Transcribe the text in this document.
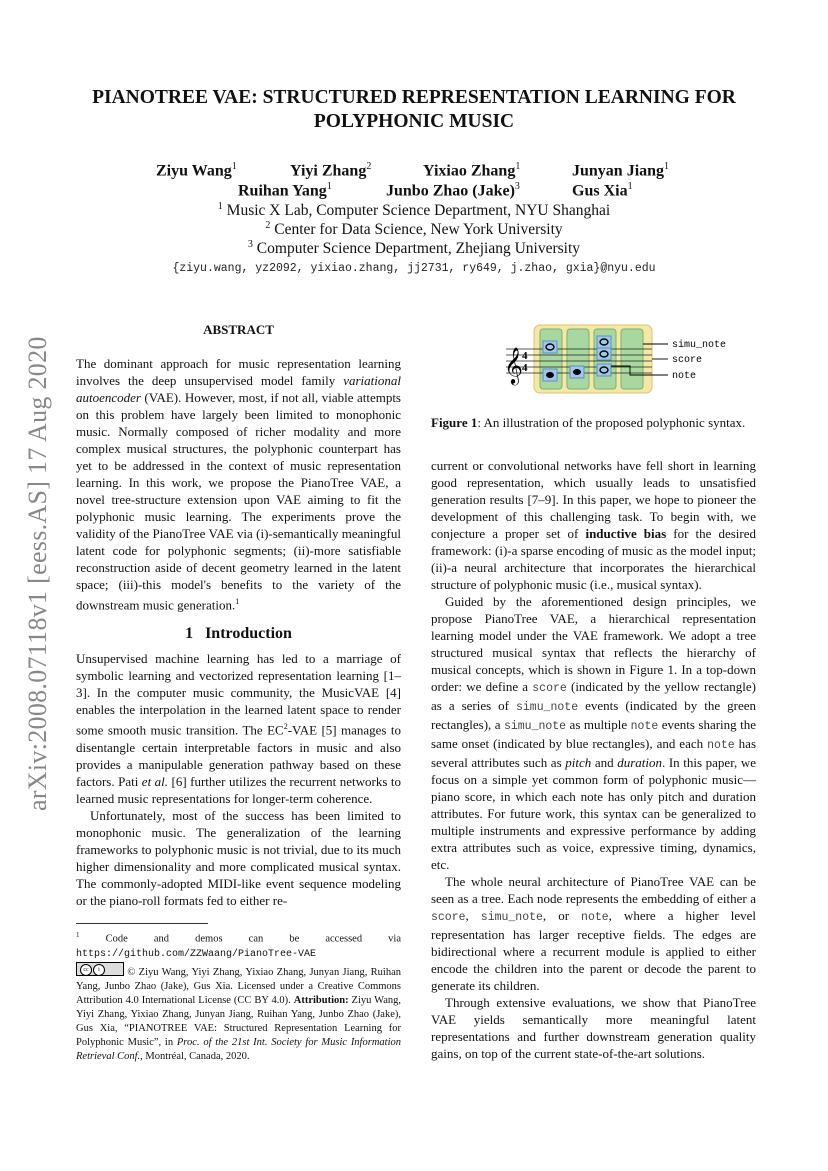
arXiv:2008.07118v1 [eess.AS] 17 Aug 2020
PIANOTREE VAE: STRUCTURED REPRESENTATION LEARNING FOR
POLYPHONIC MUSIC
Ziyu Wang$^1$	Yiyi Zhang$^2$	Yixiao Zhang$^1$	Junyan Jiang$^1$
Ruihan Yang$^1$	Junbo Zhao (Jake)$^3$	Gus Xia$^1$
$^1$ Music X Lab, Computer Science Department, NYU Shanghai
$^2$ Center for Data Science, New York University
$^3$ Computer Science Department, Zhejiang University
{ziyu.wang, yz2092, yixiao.zhang, jj2731, ry649, j.zhao, gxia}@nyu.edu
ABSTRACT

The dominant approach for music representation learning involves the deep unsupervised model family variational autoencoder (VAE). However, most, if not all, viable attempts on this problem have largely been limited to monophonic music. Normally composed of richer modality and more complex musical structures, the polyphonic counterpart has yet to be addressed in the context of music representation learning. In this work, we propose the PianoTree VAE, a novel tree-structure extension upon VAE aiming to fit the polyphonic music learning. The experiments prove the validity of the PianoTree VAE via (i)-semantically meaningful latent code for polyphonic segments; (ii)-more satisfiable reconstruction aside of decent geometry learned in the latent space; (iii)-this model's benefits to the variety of the downstream music generation.$^1$

1 Introduction

Unsupervised machine learning has led to a marriage of symbolic learning and vectorized representation learning [1–3]. In the computer music community, the MusicVAE [4] enables the interpolation in the learned latent space to render some smooth music transition. The $EC^2$-VAE [5] manages to disentangle certain interpretable factors in music and also provides a manipulable generation pathway based on these factors. Pati et al. [6] further utilizes the recurrent networks to learned music representations for longer-term coherence.

Unfortunately, most of the success has been limited to monophonic music. The generalization of the learning frameworks to polyphonic music is not trivial, due to its much higher dimensionality and more complicated musical syntax. The commonly-adopted MIDI-like event sequence modeling or the piano-roll formats fed to either re-

$^1$ Code and demos can be accessed via https://github.com/ZZWaang/PianoTree-VAE
cc	i	© Ziyu Wang, Yiyi Zhang, Yixiao Zhang, Junyan Jiang, Ruihan Yang, Junbo Zhao (Jake), Gus Xia. Licensed under a Creative Commons Attribution 4.0 International License (CC BY 4.0). Attribution: Ziyu Wang, Yiyi Zhang, Yixiao Zhang, Junyan Jiang, Ruihan Yang, Junbo Zhao (Jake), Gus Xia, “PIANOTREE VAE: Structured Representation Learning for Polyphonic Music”, in Proc. of the 21st Int. Society for Music Information Retrieval Conf., Montréal, Canada, 2020.
𝄞 4
4
simu_note
score
note

Figure 1: An illustration of the proposed polyphonic syntax.

current or convolutional networks have fell short in learning good representation, which usually leads to unsatisfied generation results [7–9]. In this paper, we hope to pioneer the development of this challenging task. To begin with, we conjecture a proper set of inductive bias for the desired framework: (i)-a sparse encoding of music as the model input; (ii)-a neural architecture that incorporates the hierarchical structure of polyphonic music (i.e., musical syntax).

Guided by the aforementioned design principles, we propose PianoTree VAE, a hierarchical representation learning model under the VAE framework. We adopt a tree structured musical syntax that reflects the hierarchy of musical concepts, which is shown in Figure 1. In a top-down order: we define a score (indicated by the yellow rectangle) as a series of simu_note events (indicated by the green rectangles), a simu_note as multiple note events sharing the same onset (indicated by blue rectangles), and each note has several attributes such as pitch and duration. In this paper, we focus on a simple yet common form of polyphonic music—piano score, in which each note has only pitch and duration attributes. For future work, this syntax can be generalized to multiple instruments and expressive performance by adding extra attributes such as voice, expressive timing, dynamics, etc.

The whole neural architecture of PianoTree VAE can be seen as a tree. Each node represents the embedding of either a score, simu_note, or note, where a higher level representation has larger receptive fields. The edges are bidirectional where a recurrent module is applied to either encode the children into the parent or decode the parent to generate its children.

Through extensive evaluations, we show that PianoTree VAE yields semantically more meaningful latent representations and further downstream generation quality gains, on top of the current state-of-the-art solutions.
